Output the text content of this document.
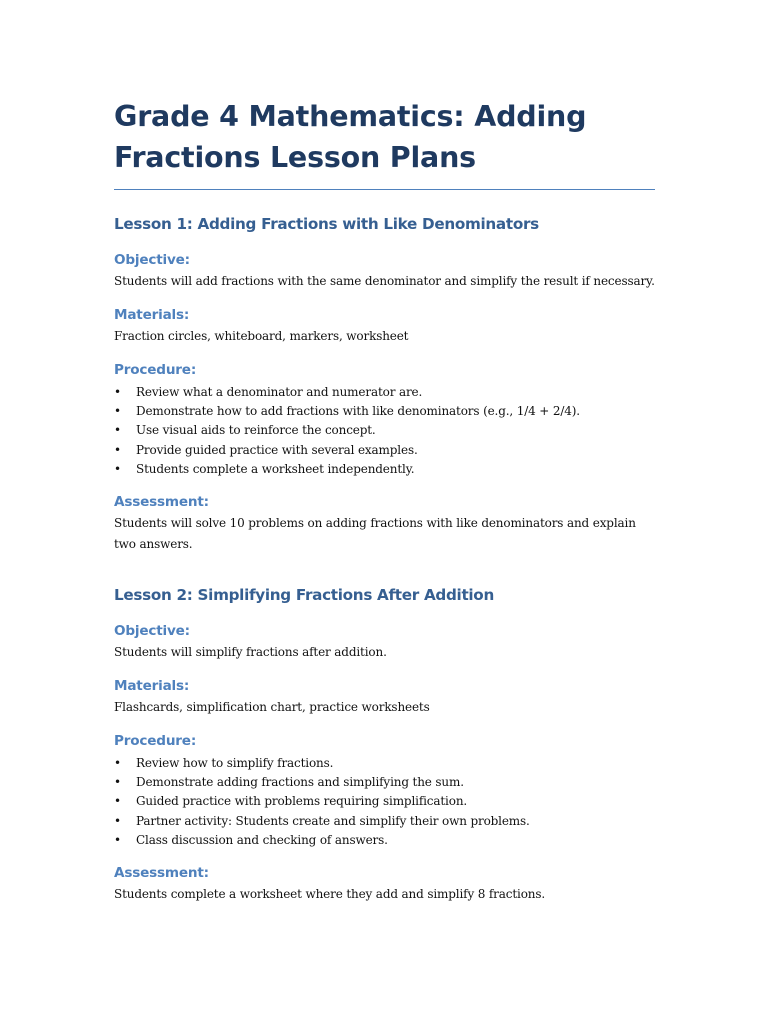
Grade 4 Mathematics: Adding Fractions Lesson Plans
Lesson 1: Adding Fractions with Like Denominators
Objective:

Students will add fractions with the same denominator and simplify the result if necessary.

Materials:

Fraction circles, whiteboard, markers, worksheet

Procedure:
• Review what a denominator and numerator are.
• Demonstrate how to add fractions with like denominators (e.g., 1/4 + 2/4).
• Use visual aids to reinforce the concept.
• Provide guided practice with several examples.
• Students complete a worksheet independently.
Assessment:

Students will solve 10 problems on adding fractions with like denominators and explain two answers.

Lesson 2: Simplifying Fractions After Addition
Objective:

Students will simplify fractions after addition.

Materials:

Flashcards, simplification chart, practice worksheets

Procedure:
• Review how to simplify fractions.
• Demonstrate adding fractions and simplifying the sum.
• Guided practice with problems requiring simplification.
• Partner activity: Students create and simplify their own problems.
• Class discussion and checking of answers.
Assessment:

Students complete a worksheet where they add and simplify 8 fractions.
